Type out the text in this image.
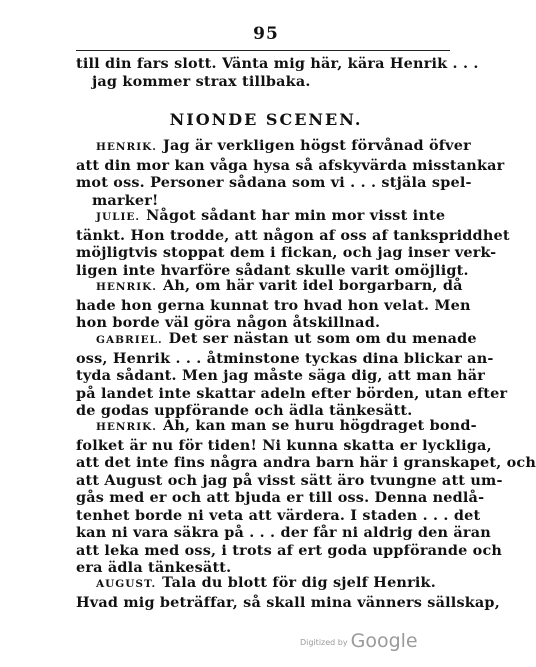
95
till din fars slott. Vänta mig här, kära Henrik . . .
jag kommer strax tillbaka.
NIONDE SCENEN.
HENRIK. Jag är verkligen högst förvånad öfver
att din mor kan våga hysa så afskyvärda misstankar
mot oss. Personer sådana som vi . . . stjäla spel-
marker!
JULIE. Något sådant har min mor visst inte
tänkt. Hon trodde, att någon af oss af tankspriddhet
möjligtvis stoppat dem i fickan, och jag inser verk-
ligen inte hvarföre sådant skulle varit omöjligt.
HENRIK. Ah, om här varit idel borgarbarn, då
hade hon gerna kunnat tro hvad hon velat. Men
hon borde väl göra någon åtskillnad.
GABRIEL. Det ser nästan ut som om du menade
oss, Henrik . . . åtminstone tyckas dina blickar an-
tyda sådant. Men jag måste säga dig, att man här
på landet inte skattar adeln efter börden, utan efter
de godas uppförande och ädla tänkesätt.
HENRIK. Ah, kan man se huru högdraget bond-
folket är nu för tiden! Ni kunna skatta er lyckliga,
att det inte fins några andra barn här i granskapet, och
att August och jag på visst sätt äro tvungne att um-
gås med er och att bjuda er till oss. Denna nedlå-
tenhet borde ni veta att värdera. I staden . . . det
kan ni vara säkra på . . . der får ni aldrig den äran
att leka med oss, i trots af ert goda uppförande och
era ädla tänkesätt.
AUGUST. Tala du blott för dig sjelf Henrik.
Hvad mig beträffar, så skall mina vänners sällskap,
Digitized by Google
